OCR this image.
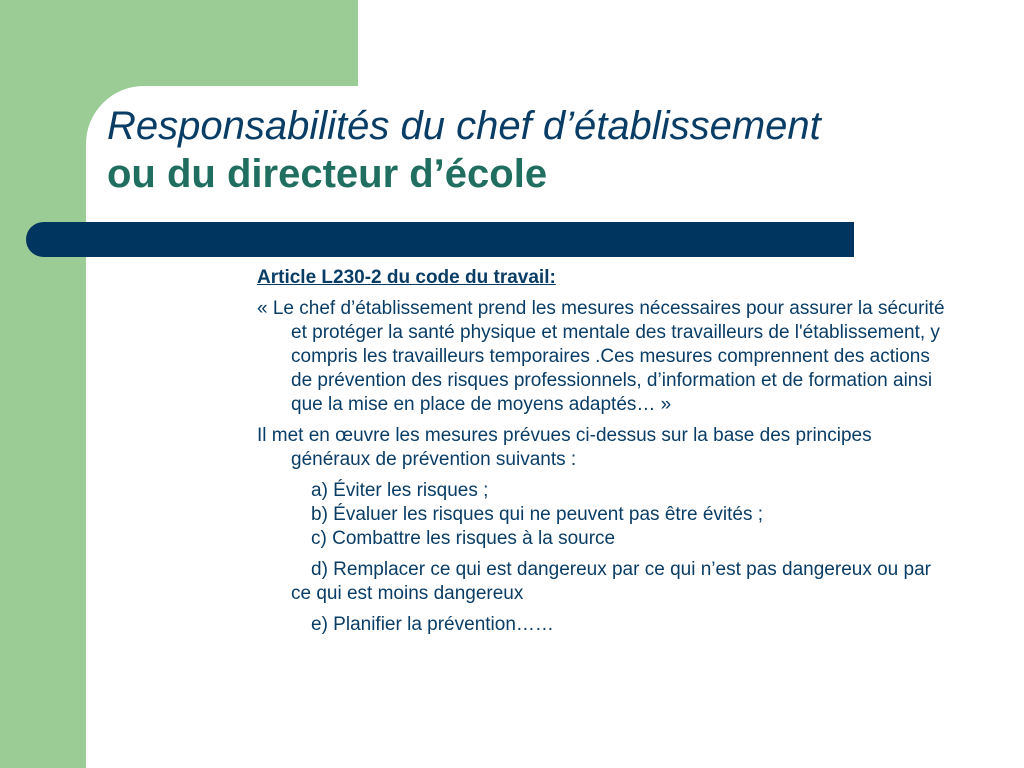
Responsabilités du chef d’établissement
ou du directeur d’école

Article L230-2 du code du travail:

« Le chef d’établissement prend les mesures nécessaires pour assurer la sécurité et protéger la santé physique et mentale des travailleurs de l'établissement, y compris les travailleurs temporaires .Ces mesures comprennent des actions de prévention des risques professionnels, d’information et de formation ainsi que la mise en place de moyens adaptés… »

Il met en œuvre les mesures prévues ci-dessus sur la base des principes généraux de prévention suivants :

a) Éviter les risques ;
b) Évaluer les risques qui ne peuvent pas être évités ;
c) Combattre les risques à la source

d) Remplacer ce qui est dangereux par ce qui n’est pas dangereux ou par ce qui est moins dangereux

e) Planifier la prévention……
